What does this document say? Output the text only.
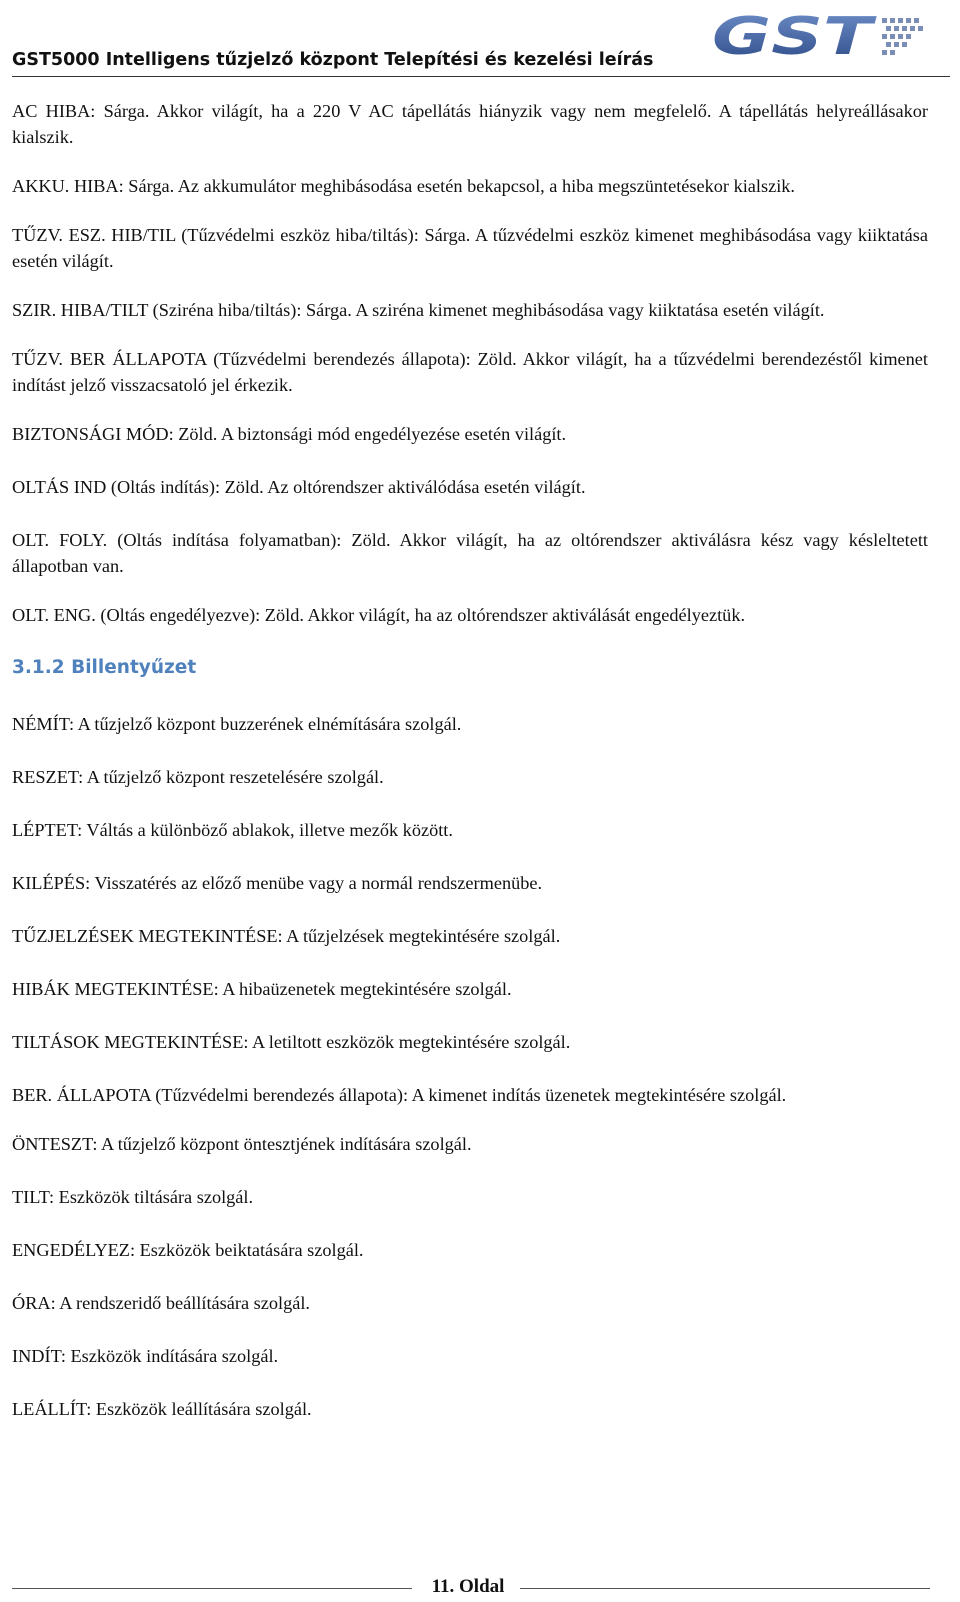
GST5000 Intelligens tűzjelző központ Telepítési és kezelési leírás GST

AC HIBA: Sárga. Akkor világít, ha a 220 V AC tápellátás hiányzik vagy nem megfelelő. A tápellátás helyreállásakor kialszik.

AKKU. HIBA: Sárga. Az akkumulátor meghibásodása esetén bekapcsol, a hiba megszüntetésekor kialszik.

TŰZV. ESZ. HIB/TIL (Tűzvédelmi eszköz hiba/tiltás): Sárga. A tűzvédelmi eszköz kimenet meghibásodása vagy kiiktatása esetén világít.

SZIR. HIBA/TILT (Sziréna hiba/tiltás): Sárga. A sziréna kimenet meghibásodása vagy kiiktatása esetén világít.

TŰZV. BER ÁLLAPOTA (Tűzvédelmi berendezés állapota): Zöld. Akkor világít, ha a tűzvédelmi berendezéstől kimenet indítást jelző visszacsatoló jel érkezik.

BIZTONSÁGI MÓD: Zöld. A biztonsági mód engedélyezése esetén világít.

OLTÁS IND (Oltás indítás): Zöld. Az oltórendszer aktiválódása esetén világít.

OLT. FOLY. (Oltás indítása folyamatban): Zöld. Akkor világít, ha az oltórendszer aktiválásra kész vagy késleltetett állapotban van.

OLT. ENG. (Oltás engedélyezve): Zöld. Akkor világít, ha az oltórendszer aktiválását engedélyeztük.

3.1.2 Billentyűzet

NÉMÍT: A tűzjelző központ buzzerének elnémítására szolgál.

RESZET: A tűzjelző központ reszetelésére szolgál.

LÉPTET: Váltás a különböző ablakok, illetve mezők között.

KILÉPÉS: Visszatérés az előző menübe vagy a normál rendszermenübe.

TŰZJELZÉSEK MEGTEKINTÉSE: A tűzjelzések megtekintésére szolgál.

HIBÁK MEGTEKINTÉSE: A hibaüzenetek megtekintésére szolgál.

TILTÁSOK MEGTEKINTÉSE: A letiltott eszközök megtekintésére szolgál.

BER. ÁLLAPOTA (Tűzvédelmi berendezés állapota): A kimenet indítás üzenetek megtekintésére szolgál.

ÖNTESZT: A tűzjelző központ öntesztjének indítására szolgál.

TILT: Eszközök tiltására szolgál.

ENGEDÉLYEZ: Eszközök beiktatására szolgál.

ÓRA: A rendszeridő beállítására szolgál.

INDÍT: Eszközök indítására szolgál.

LEÁLLÍT: Eszközök leállítására szolgál.

11. Oldal
